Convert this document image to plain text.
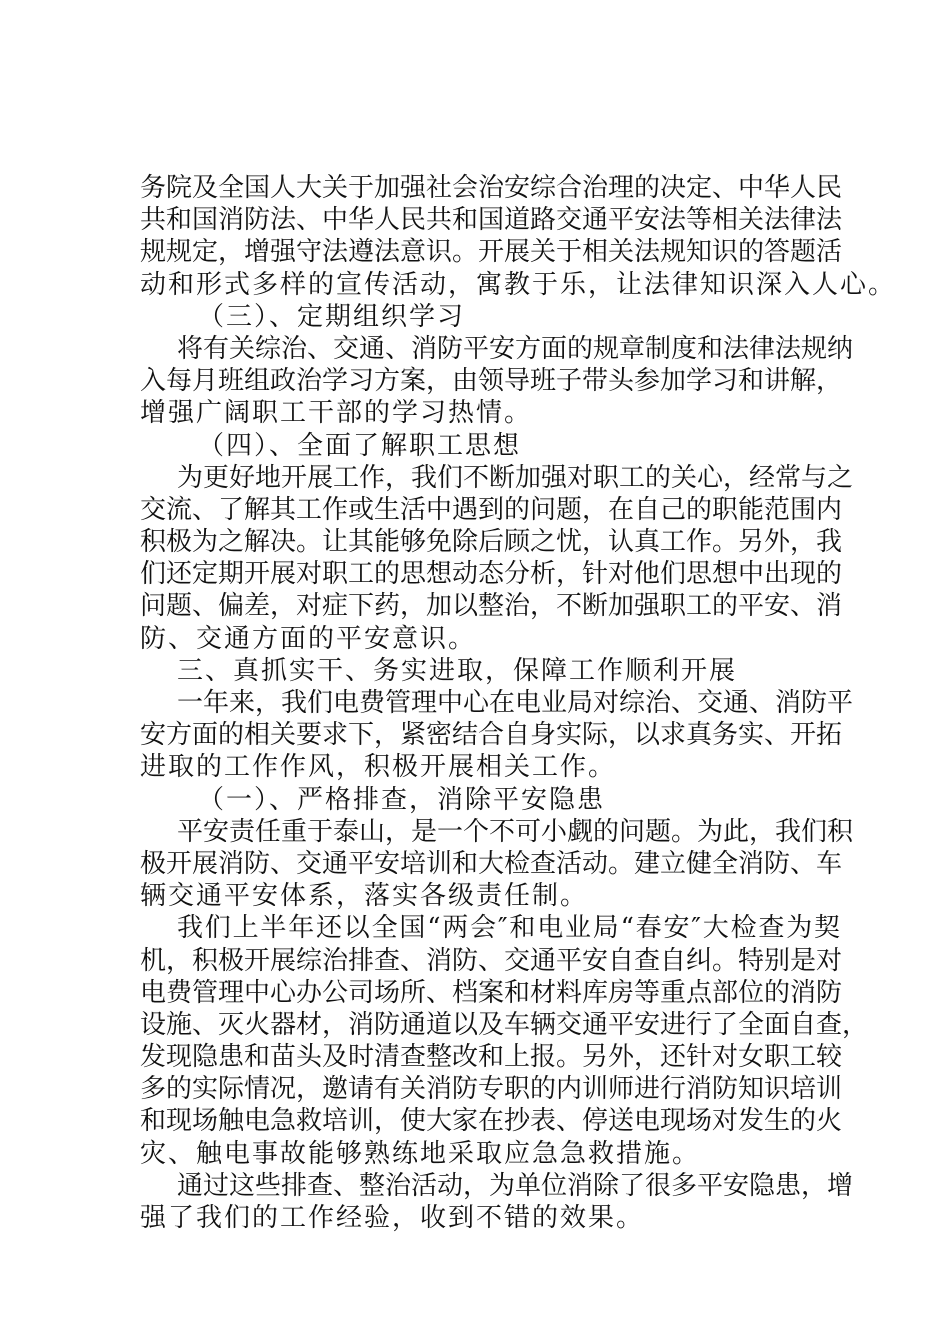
务院及全国人大关于加强社会治安综合治理的决定、中华人民
共和国消防法、中华人民共和国道路交通平安法等相关法律法
规规定，增强守法遵法意识。开展关于相关法规知识的答题活
动和形式多样的宣传活动，寓教于乐，让法律知识深入人心。
（三）、定期组织学习
将有关综治、交通、消防平安方面的规章制度和法律法规纳
入每月班组政治学习方案，由领导班子带头参加学习和讲解，
增强广阔职工干部的学习热情。
（四）、全面了解职工思想
为更好地开展工作，我们不断加强对职工的关心，经常与之
交流、了解其工作或生活中遇到的问题，在自己的职能范围内
积极为之解决。让其能够免除后顾之忧，认真工作。另外，我
们还定期开展对职工的思想动态分析，针对他们思想中出现的
问题、偏差，对症下药，加以整治，不断加强职工的平安、消
防、交通方面的平安意识。
三、真抓实干、务实进取，保障工作顺利开展
一年来，我们电费管理中心在电业局对综治、交通、消防平
安方面的相关要求下，紧密结合自身实际，以求真务实、开拓
进取的工作作风，积极开展相关工作。
（一）、严格排查，消除平安隐患
平安责任重于泰山，是一个不可小觑的问题。为此，我们积
极开展消防、交通平安培训和大检查活动。建立健全消防、车
辆交通平安体系，落实各级责任制。
我们上半年还以全国“两会″和电业局“春安″大检查为契
机，积极开展综治排查、消防、交通平安自查自纠。特别是对
电费管理中心办公司场所、档案和材料库房等重点部位的消防
设施、灭火器材，消防通道以及车辆交通平安进行了全面自查，
发现隐患和苗头及时清查整改和上报。另外，还针对女职工较
多的实际情况，邀请有关消防专职的内训师进行消防知识培训
和现场触电急救培训，使大家在抄表、停送电现场对发生的火
灾、触电事故能够熟练地采取应急急救措施。
通过这些排查、整治活动，为单位消除了很多平安隐患，增
强了我们的工作经验，收到不错的效果。
